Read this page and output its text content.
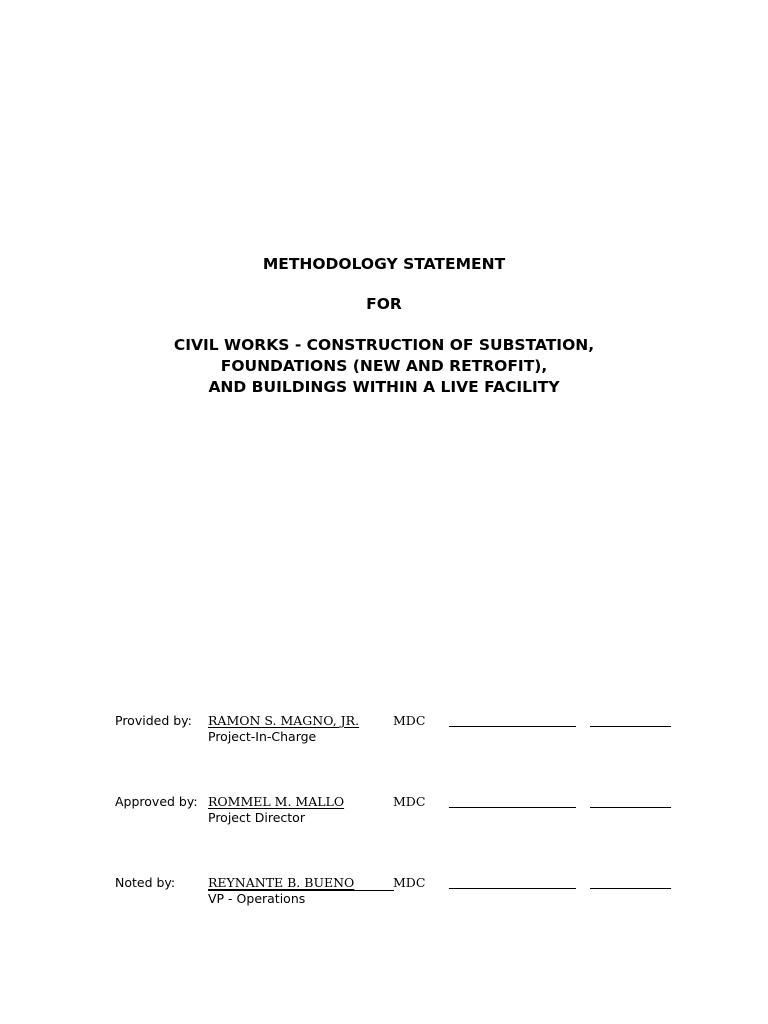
METHODOLOGY STATEMENT
FOR
CIVIL WORKS - CONSTRUCTION OF SUBSTATION,
FOUNDATIONS (NEW AND RETROFIT),
AND BUILDINGS WITHIN A LIVE FACILITY
Provided by: RAMON S. MAGNO, JR.
Project-In-Charge
MDC
Approved by: ROMMEL M. MALLO
Project Director
MDC
Noted by:	REYNANTE B. BUENO
VP - Operations
MDC
